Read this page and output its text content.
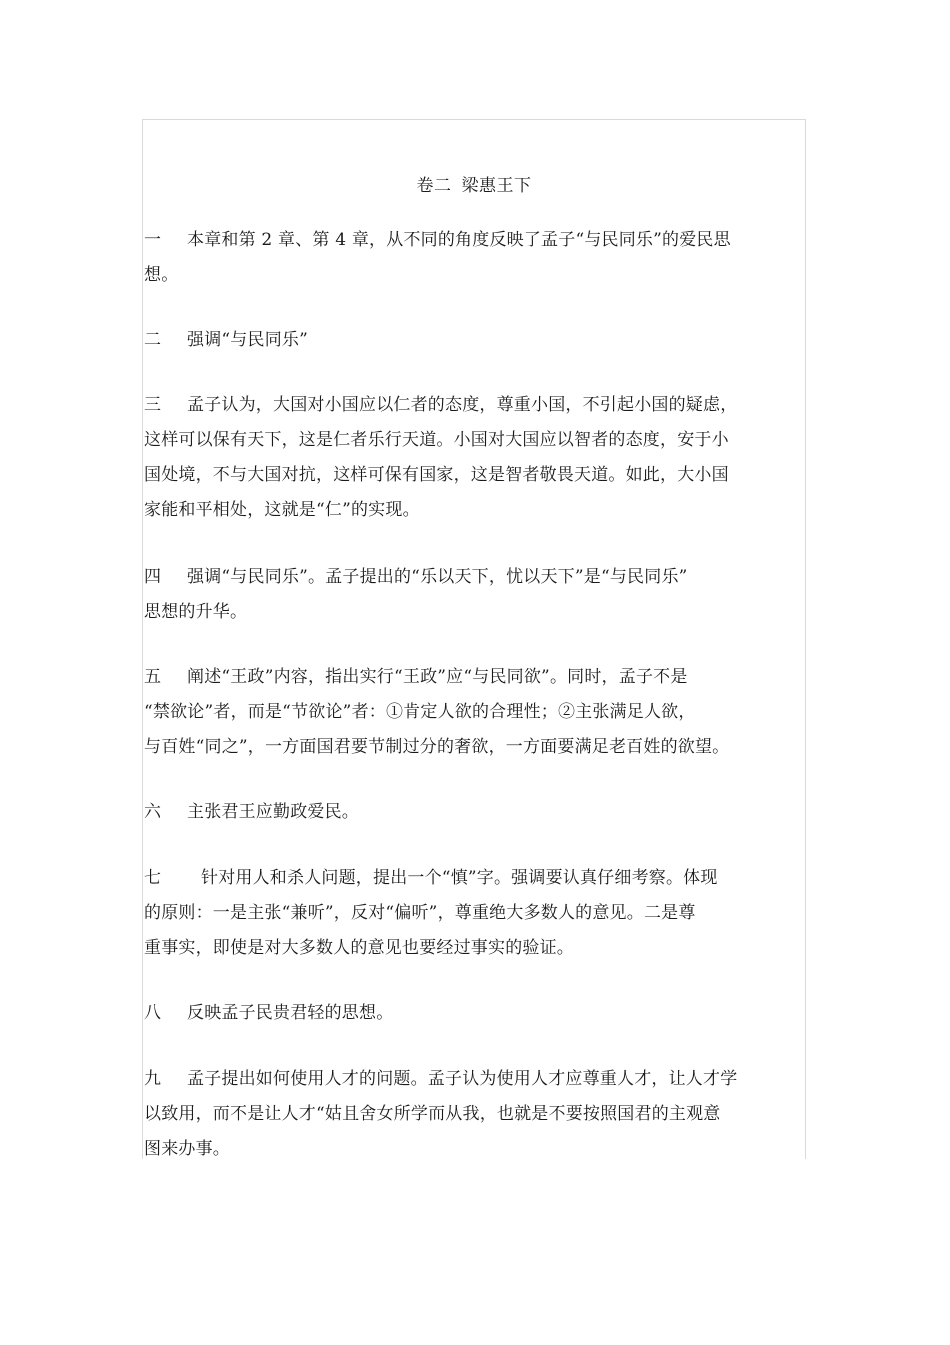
卷二 梁惠王下
一 本章和第 2 章、第 4 章，从不同的角度反映了孟子“与民同乐”的爱民思
想。
二 强调“与民同乐”
三 孟子认为，大国对小国应以仁者的态度，尊重小国，不引起小国的疑虑，
这样可以保有天下，这是仁者乐行天道。小国对大国应以智者的态度，安于小
国处境，不与大国对抗，这样可保有国家，这是智者敬畏天道。如此，大小国
家能和平相处，这就是“仁”的实现。
四 强调“与民同乐”。孟子提出的“乐以天下，忧以天下”是“与民同乐”
思想的升华。
五 阐述“王政”内容，指出实行“王政”应“与民同欲”。同时，孟子不是
“禁欲论”者，而是“节欲论”者：①肯定人欲的合理性；②主张满足人欲，
与百姓“同之”，一方面国君要节制过分的奢欲，一方面要满足老百姓的欲望。
六 主张君王应勤政爱民。
七 针对用人和杀人问题，提出一个“慎”字。强调要认真仔细考察。体现
的原则：一是主张“兼听”，反对“偏听”，尊重绝大多数人的意见。二是尊
重事实，即使是对大多数人的意见也要经过事实的验证。
八 反映孟子民贵君轻的思想。
九 孟子提出如何使用人才的问题。孟子认为使用人才应尊重人才，让人才学
以致用，而不是让人才“姑且舍女所学而从我，也就是不要按照国君的主观意
图来办事。
